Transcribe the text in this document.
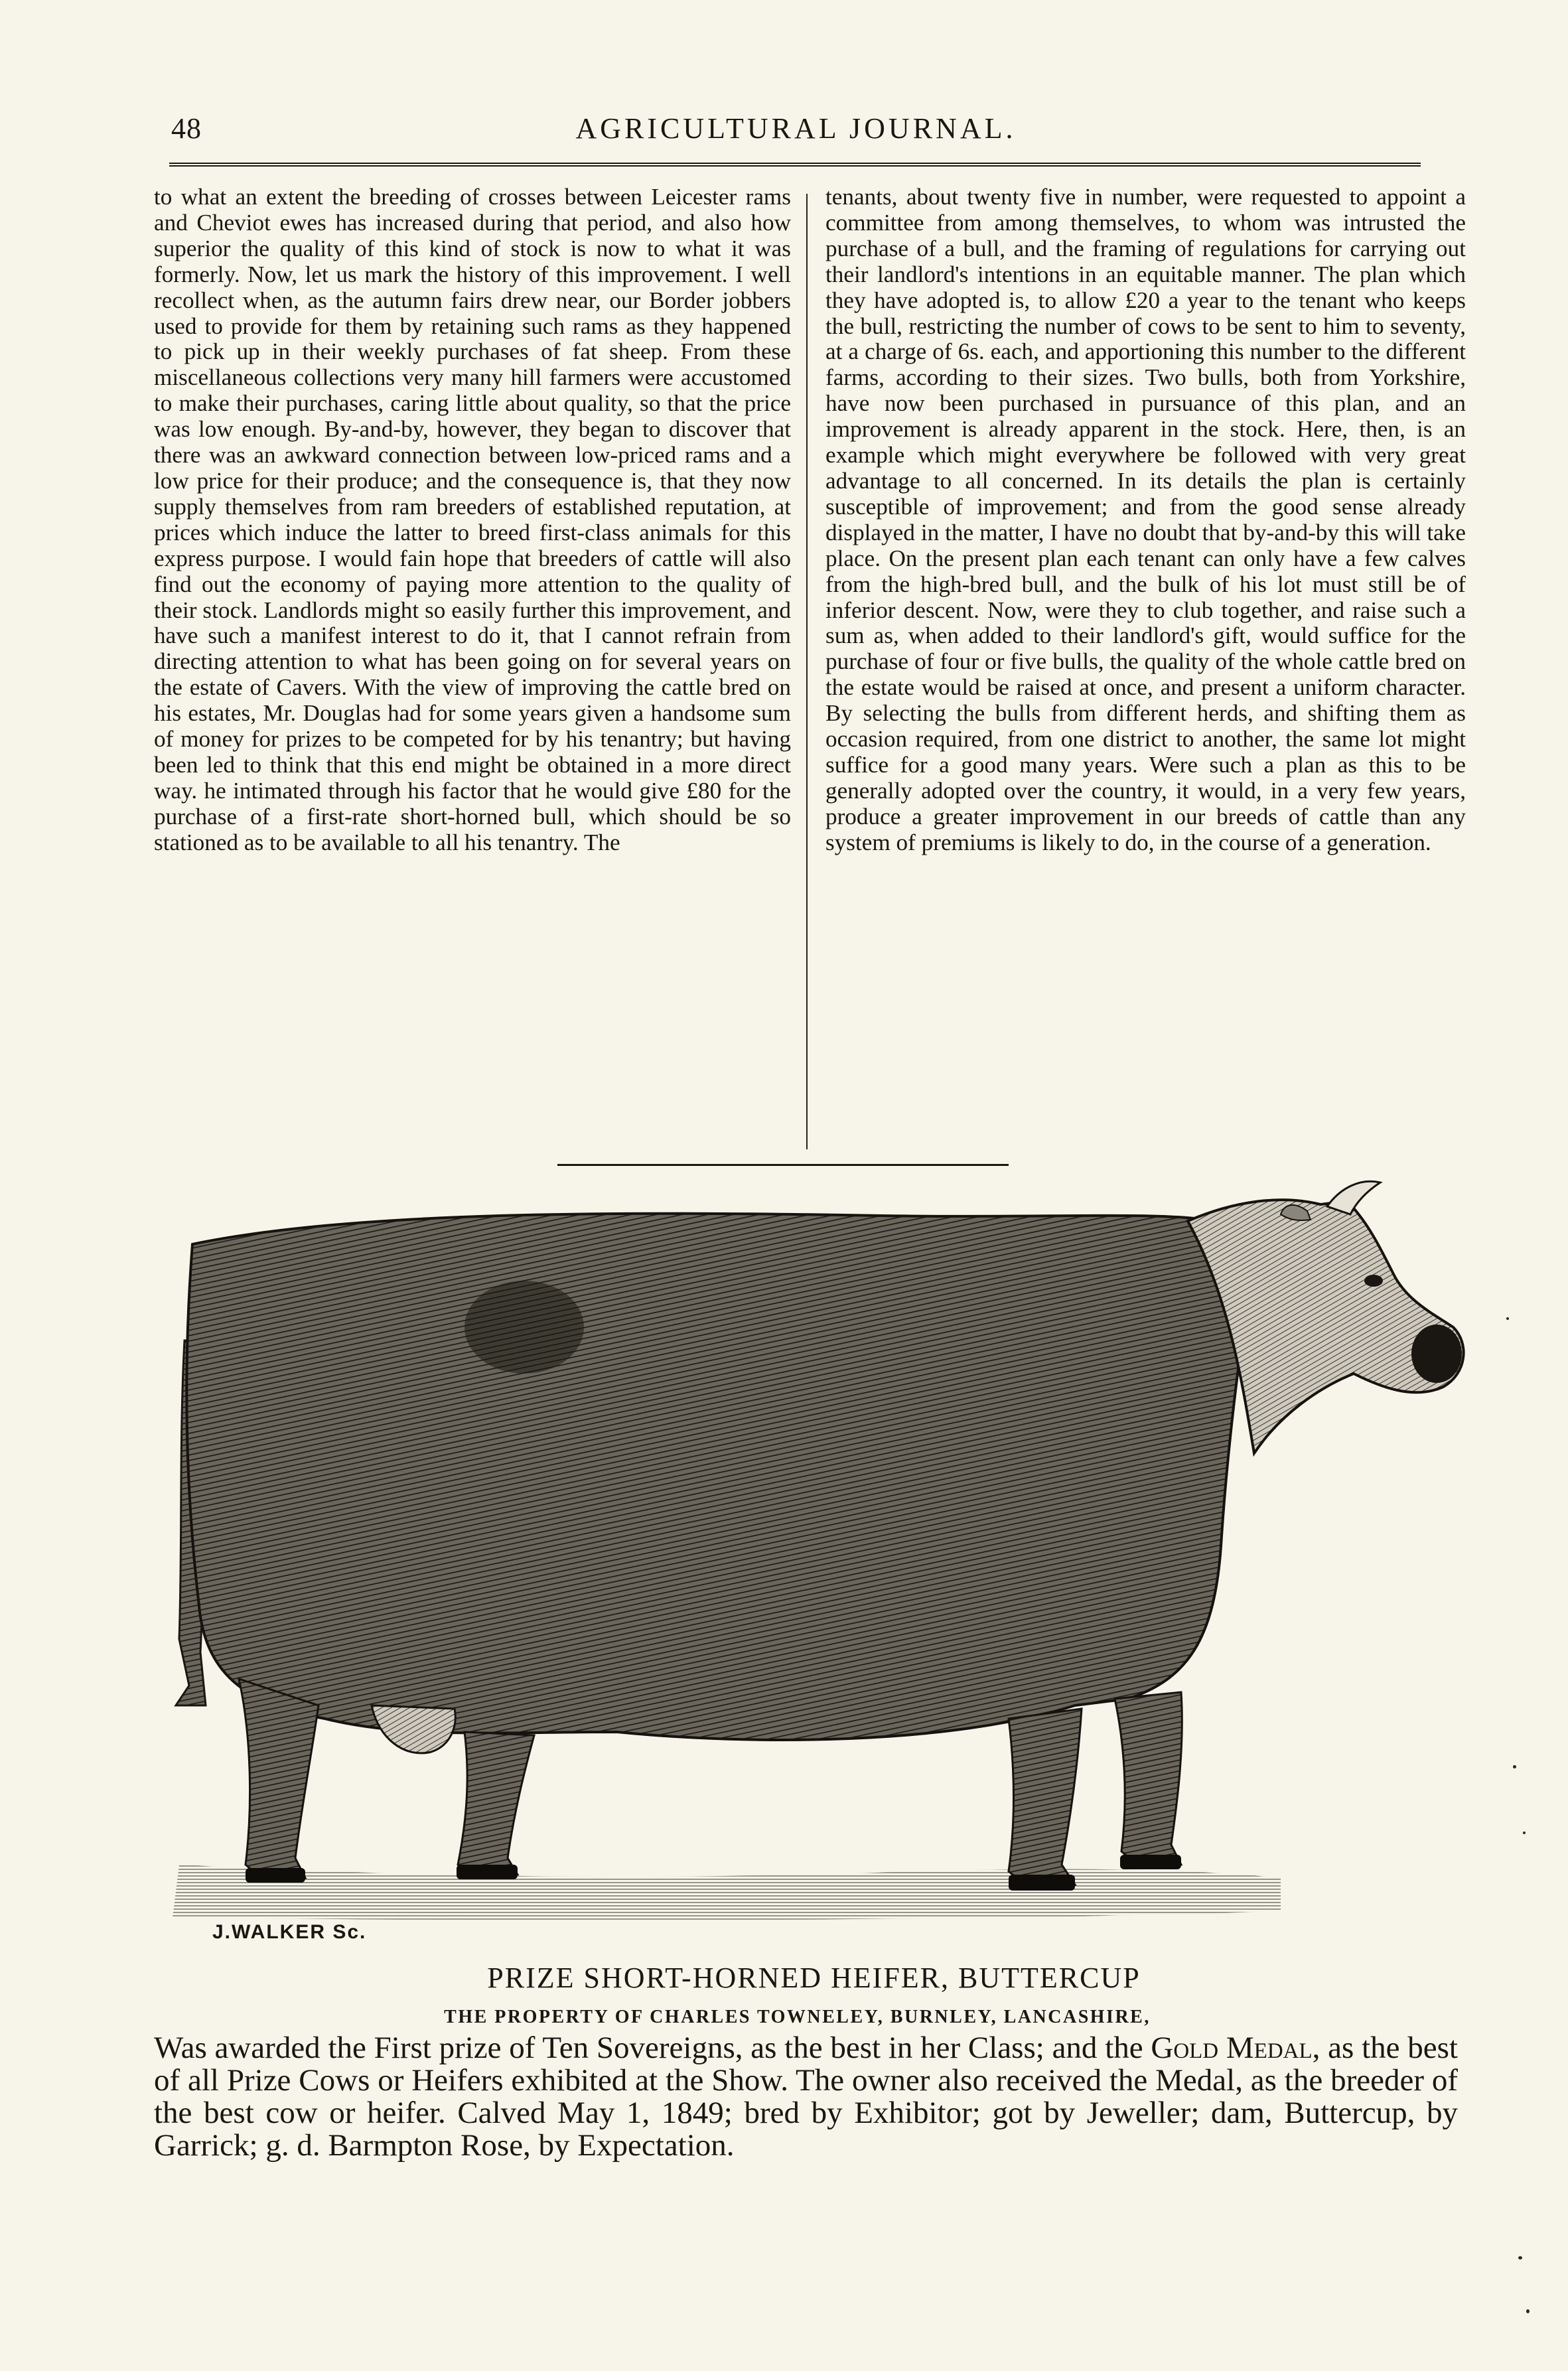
48	AGRICULTURAL JOURNAL.
to what an extent the breeding of crosses between Leicester rams and Cheviot ewes has increased during that period, and also how superior the quality of this kind of stock is now to what it was formerly. Now, let us mark the history of this improvement. I well recollect when, as the autumn fairs drew near, our Border jobbers used to provide for them by retaining such rams as they happened to pick up in their weekly purchases of fat sheep. From these miscellaneous collections very many hill farmers were accustomed to make their purchases, caring little about quality, so that the price was low enough. By-and-by, however, they began to discover that there was an awkward connection between low-priced rams and a low price for their produce; and the consequence is, that they now supply themselves from ram breeders of established reputation, at prices which induce the latter to breed first-class animals for this express purpose. I would fain hope that breeders of cattle will also find out the economy of paying more attention to the quality of their stock. Landlords might so easily further this improvement, and have such a manifest interest to do it, that I cannot refrain from directing attention to what has been going on for several years on the estate of Cavers. With the view of improving the cattle bred on his estates, Mr. Douglas had for some years given a handsome sum of money for prizes to be competed for by his tenantry; but having been led to think that this end might be obtained in a more direct way. he intimated through his factor that he would give £80 for the purchase of a first-rate short-horned bull, which should be so stationed as to be available to all his tenantry. The
tenants, about twenty five in number, were requested to appoint a committee from among themselves, to whom was intrusted the purchase of a bull, and the framing of regulations for carrying out their landlord's intentions in an equitable manner. The plan which they have adopted is, to allow £20 a year to the tenant who keeps the bull, restricting the number of cows to be sent to him to seventy, at a charge of 6s. each, and apportioning this number to the different farms, according to their sizes. Two bulls, both from Yorkshire, have now been purchased in pursuance of this plan, and an improvement is already apparent in the stock. Here, then, is an example which might everywhere be followed with very great advantage to all concerned. In its details the plan is certainly susceptible of improvement; and from the good sense already displayed in the matter, I have no doubt that by-and-by this will take place. On the present plan each tenant can only have a few calves from the high-bred bull, and the bulk of his lot must still be of inferior descent. Now, were they to club together, and raise such a sum as, when added to their landlord's gift, would suffice for the purchase of four or five bulls, the quality of the whole cattle bred on the estate would be raised at once, and present a uniform character. By selecting the bulls from different herds, and shifting them as occasion required, from one district to another, the same lot might suffice for a good many years. Were such a plan as this to be generally adopted over the country, it would, in a very few years, produce a greater improvement in our breeds of cattle than any system of premiums is likely to do, in the course of a generation.
J.WALKER Sc.
PRIZE SHORT-HORNED HEIFER, BUTTERCUP
THE PROPERTY OF CHARLES TOWNELEY, BURNLEY, LANCASHIRE,
Was awarded the First prize of Ten Sovereigns, as the best in her Class; and the Gold Medal, as the best of all Prize Cows or Heifers exhibited at the Show. The owner also received the Medal, as the breeder of the best cow or heifer. Calved May 1, 1849; bred by Exhibitor; got by Jeweller; dam, Buttercup, by Garrick; g. d. Barmpton Rose, by Expectation.
